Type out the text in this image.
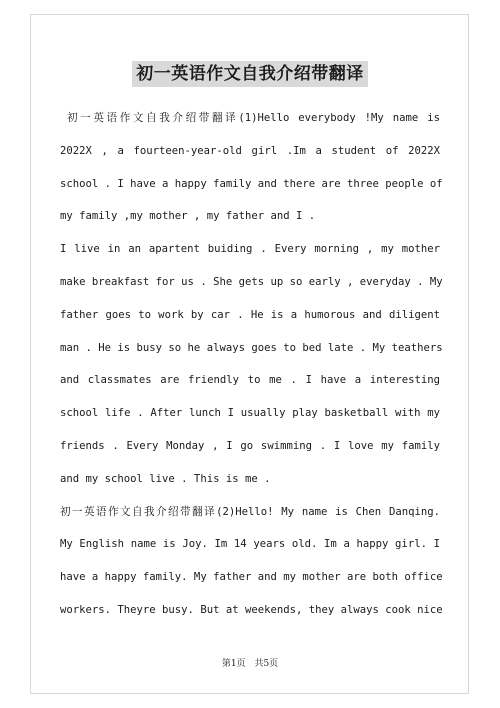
初一英语作文自我介绍带翻译
初一英语作文自我介绍带翻译(1)Hello everybody !My name is
2022X , a fourteen-year-old girl .Im a student of 2022X
school . I have a happy family and there are three people of
my family ,my mother , my father and I .
I live in an apartent buiding . Every morning , my mother
make breakfast for us . She gets up so early , everyday . My
father goes to work by car . He is a humorous and diligent
man . He is busy so he always goes to bed late . My teathers
and classmates are friendly to me . I have a interesting
school life . After lunch I usually play basketball with my
friends . Every Monday , I go swimming . I love my family
and my school live . This is me .
初一英语作文自我介绍带翻译(2)Hello! My name is Chen Danqing.
My English name is Joy. Im 14 years old. Im a happy girl. I
have a happy family. My father and my mother are both office
workers. Theyre busy. But at weekends, they always cook nice
第1页 共5页
